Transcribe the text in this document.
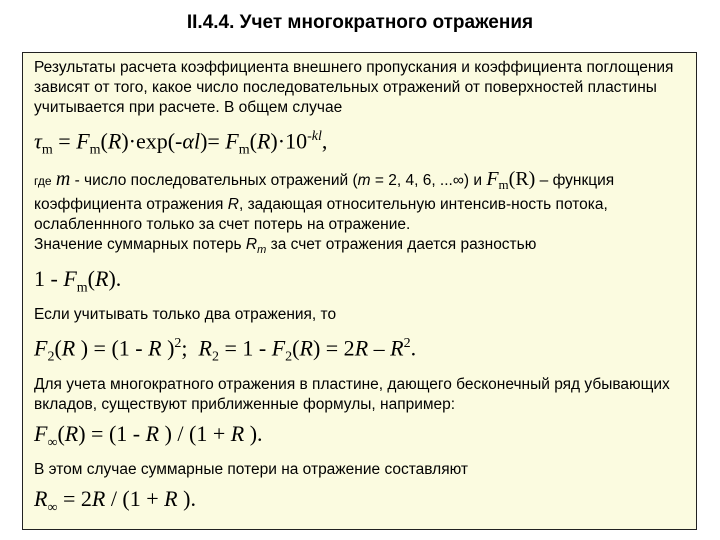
II.4.4. Учет многократного отражения

Результаты расчета коэффициента внешнего пропускания и коэффициента поглощения зависят от того, какое число последовательных отражений от поверхностей пластины учитывается при расчете. В общем случае

$\tau_m = F_m(R)\cdot\exp(-\alpha l)= F_m(R)\cdot 10^{-kl}$,

где m - число последовательных отражений (m = 2, 4, 6, ...∞) и $F_m(R)$ – функция коэффициента отражения R, задающая относительную интенсив-ность потока, ослабленнного только за счет потерь на отражение.
Значение суммарных потерь $R_m$ за счет отражения дается разностью

$1 - F_m(R)$.

Если учитывать только два отражения, то

$F_2(R$ ) = (1 - R )$^2$;  $R_2 = 1 - F_2(R) = 2R - R^2$.

Для учета многократного отражения в пластине, дающего бесконечный ряд убывающих вкладов, существуют приближенные формулы, например:

$F_\infty(R) = (1 - R$ ) / (1 + R ).

В этом случае суммарные потери на отражение составляют

$R_\infty = 2R / (1 + R$ ).
